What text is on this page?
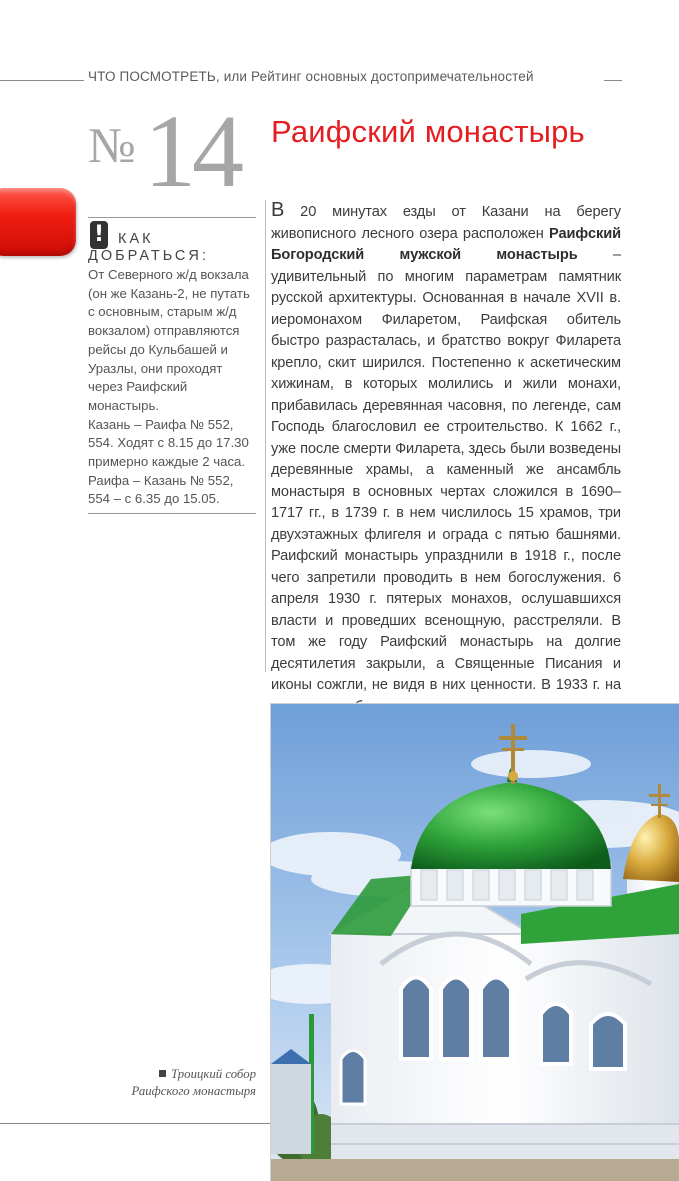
ЧТО ПОСМОТРЕТЬ, или Рейтинг основных достопримечательностей
№ 14 Раифский монастырь
! КАК
ДОБРАТЬСЯ:

От Северного ж/д вокзала (он же Казань-2, не путать с основным, старым ж/д вокзалом) отправляются рейсы до Кульбашей и Уразлы, они проходят через Раифский монастырь.

Казань – Раифа № 552, 554. Ходят с 8.15 до 17.30 примерно каждые 2 часа.

Раифа – Казань № 552, 554 – с 6.35 до 15.05.

В 20 минутах езды от Казани на берегу живописного лесного озера расположен Раифский Богородский мужской монастырь – удивительный по многим параметрам памятник русской архитектуры. Основанная в начале XVII в. иеромонахом Филаретом, Раифская обитель быстро разрасталась, и братство вокруг Филарета крепло, скит ширился. Постепенно к аскетическим хижинам, в которых молились и жили монахи, прибавилась деревянная часовня, по легенде, сам Господь благословил ее строительство. К 1662 г., уже после смерти Филарета, здесь были возведены деревянные храмы, а каменный же ансамбль монастыря в основных чертах сложился в 1690–1717 гг., в 1739 г. в нем числилось 15 храмов, три двухэтажных флигеля и ограда с пятью башнями. Раифский монастырь упразднили в 1918 г., после чего запретили проводить в нем богослужения. 6 апреля 1930 г. пятерых монахов, ослушавшихся власти и проведших всенощную, расстреляли. В том же году Раифский монастырь на долгие десятилетия закрыли, а Священные Писания и иконы сожгли, не видя в них ценности. В 1933 г. на

Троицкий собор
Раифского монастыря
